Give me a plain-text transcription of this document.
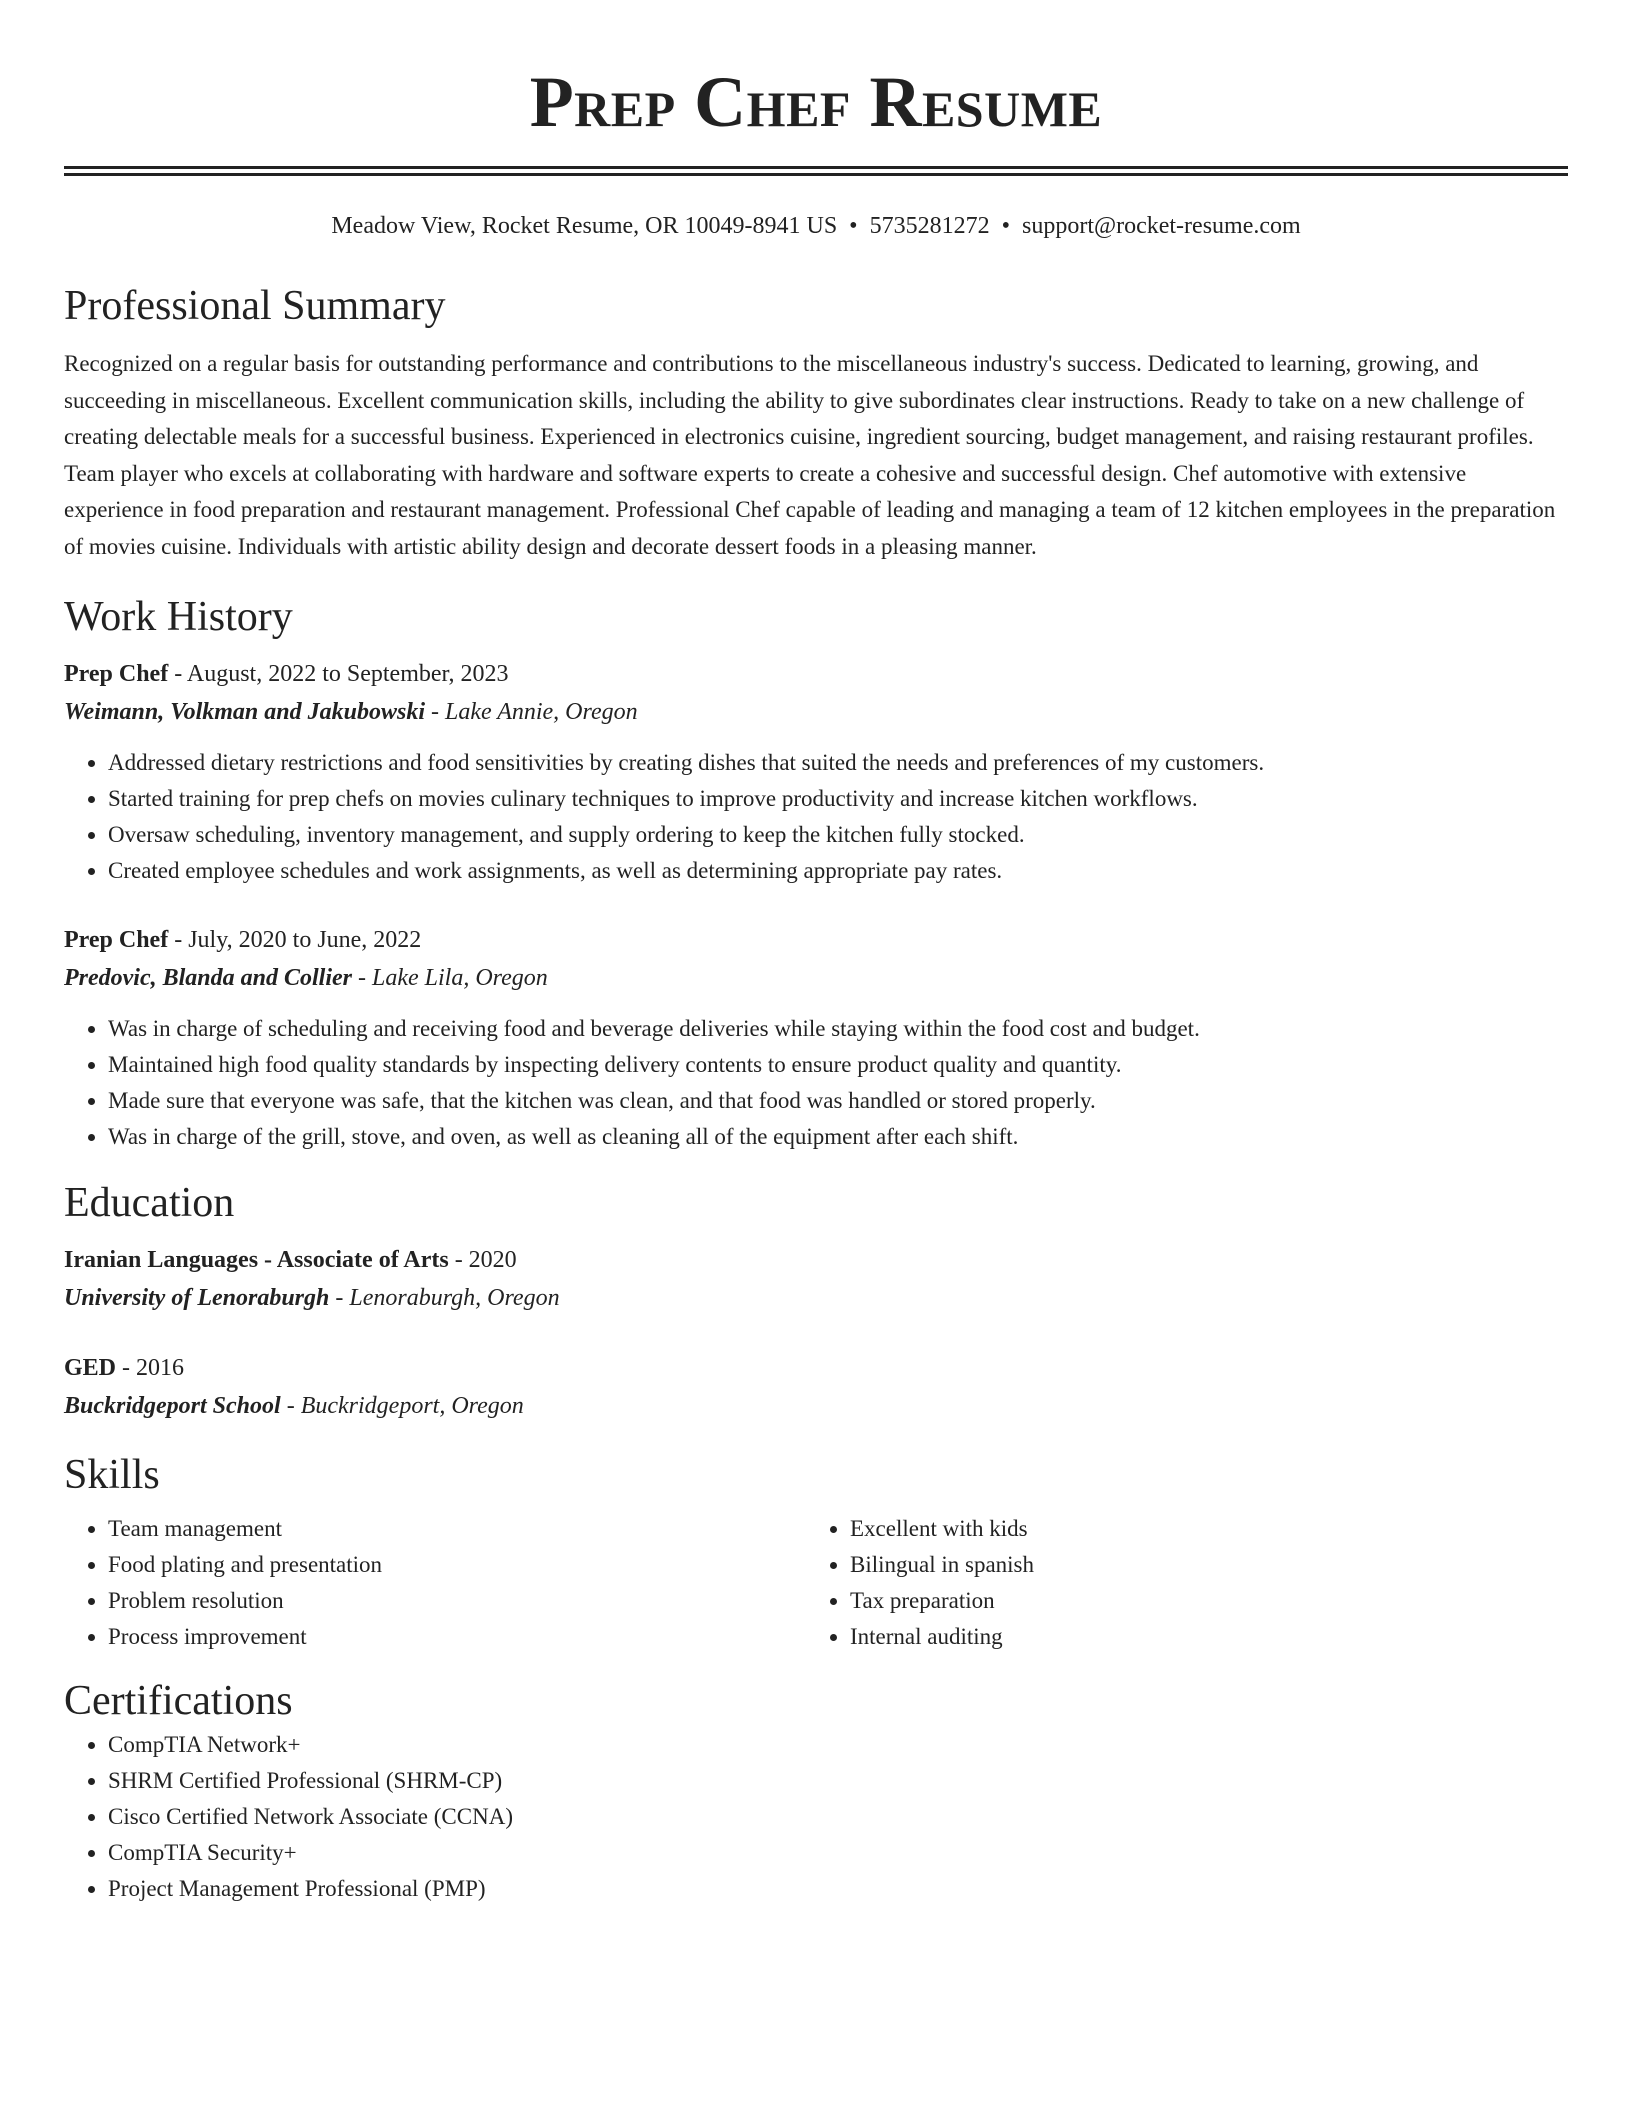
Prep Chef Resume
Meadow View, Rocket Resume, OR 10049-8941 US • 5735281272 • support@rocket-resume.com
Professional Summary
Recognized on a regular basis for outstanding performance and contributions to the miscellaneous industry's success. Dedicated to learning, growing, and succeeding in miscellaneous. Excellent communication skills, including the ability to give subordinates clear instructions. Ready to take on a new challenge of creating delectable meals for a successful business. Experienced in electronics cuisine, ingredient sourcing, budget management, and raising restaurant profiles. Team player who excels at collaborating with hardware and software experts to create a cohesive and successful design. Chef automotive with extensive experience in food preparation and restaurant management. Professional Chef capable of leading and managing a team of 12 kitchen employees in the preparation of movies cuisine. Individuals with artistic ability design and decorate dessert foods in a pleasing manner.
Work History
Prep Chef - August, 2022 to September, 2023
Weimann, Volkman and Jakubowski - Lake Annie, Oregon
• Addressed dietary restrictions and food sensitivities by creating dishes that suited the needs and preferences of my customers.
• Started training for prep chefs on movies culinary techniques to improve productivity and increase kitchen workflows.
• Oversaw scheduling, inventory management, and supply ordering to keep the kitchen fully stocked.
• Created employee schedules and work assignments, as well as determining appropriate pay rates.
Prep Chef - July, 2020 to June, 2022
Predovic, Blanda and Collier - Lake Lila, Oregon
• Was in charge of scheduling and receiving food and beverage deliveries while staying within the food cost and budget.
• Maintained high food quality standards by inspecting delivery contents to ensure product quality and quantity.
• Made sure that everyone was safe, that the kitchen was clean, and that food was handled or stored properly.
• Was in charge of the grill, stove, and oven, as well as cleaning all of the equipment after each shift.
Education
Iranian Languages - Associate of Arts - 2020
University of Lenoraburgh - Lenoraburgh, Oregon
GED - 2016
Buckridgeport School - Buckridgeport, Oregon
Skills
• Team management
• Food plating and presentation
• Problem resolution
• Process improvement
• Excellent with kids
• Bilingual in spanish
• Tax preparation
• Internal auditing
Certifications
• CompTIA Network+
• SHRM Certified Professional (SHRM-CP)
• Cisco Certified Network Associate (CCNA)
• CompTIA Security+
• Project Management Professional (PMP)
